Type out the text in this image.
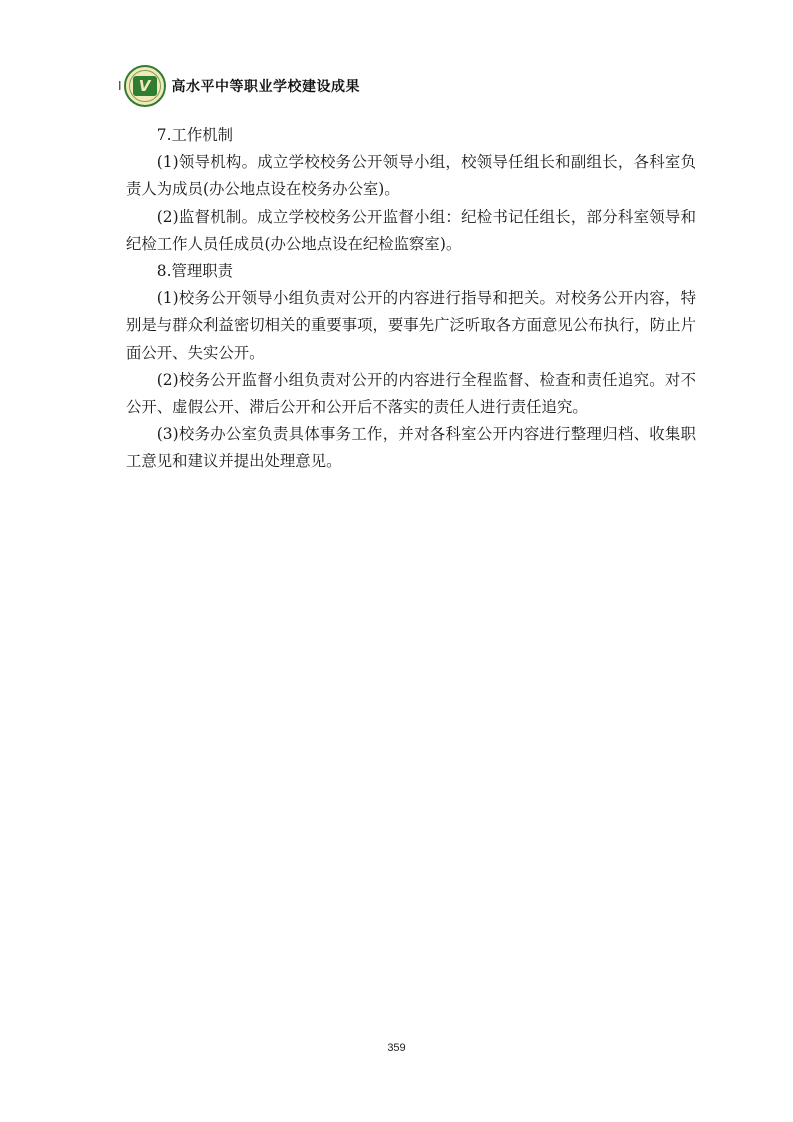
I V 高水平中等职业学校建设成果

7.工作机制

(1)领导机构。成立学校校务公开领导小组，校领导任组长和副组长，各科室负责人为成员(办公地点设在校务办公室)。

(2)监督机制。成立学校校务公开监督小组：纪检书记任组长，部分科室领导和纪检工作人员任成员(办公地点设在纪检监察室)。

8.管理职责

(1)校务公开领导小组负责对公开的内容进行指导和把关。对校务公开内容，特别是与群众利益密切相关的重要事项，要事先广泛听取各方面意见公布执行，防止片面公开、失实公开。

(2)校务公开监督小组负责对公开的内容进行全程监督、检查和责任追究。对不公开、虚假公开、滞后公开和公开后不落实的责任人进行责任追究。

(3)校务办公室负责具体事务工作，并对各科室公开内容进行整理归档、收集职工意见和建议并提出处理意见。

359
